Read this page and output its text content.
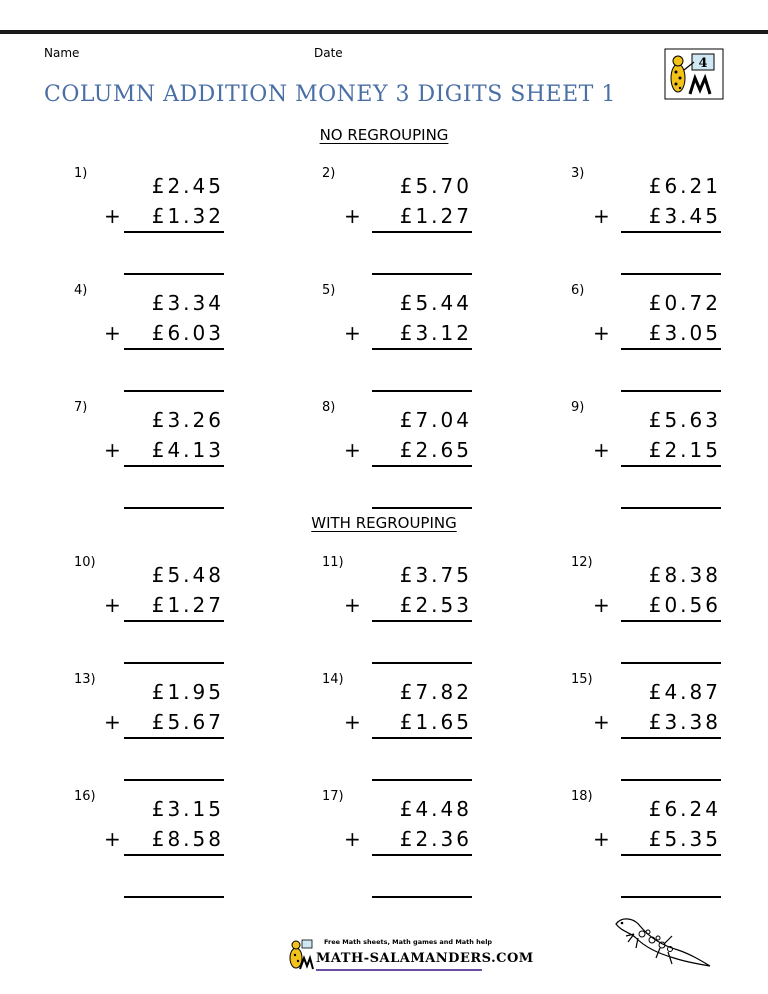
Name	Date
COLUMN ADDITION MONEY 3 DIGITS SHEET 1
4
NO REGROUPING
1)
£2.45
+ £1.32
2)
£5.70
+ £1.27
3)
£6.21
+ £3.45
4)
£3.34
+ £6.03
5)
£5.44
+ £3.12
6)
£0.72
+ £3.05
7)
£3.26
+ £4.13
8)
£7.04
+ £2.65
9)
£5.63
+ £2.15
WITH REGROUPING
10)
£5.48
+ £1.27
11)
£3.75
+ £2.53
12)
£8.38
+ £0.56
13)
£1.95
+ £5.67
14)
£7.82
+ £1.65
15)
£4.87
+ £3.38
16)
£3.15
+ £8.58
17)
£4.48
+ £2.36
18)
£6.24
+ £5.35
Free Math sheets, Math games and Math help
MATH-SALAMANDERS.COM
